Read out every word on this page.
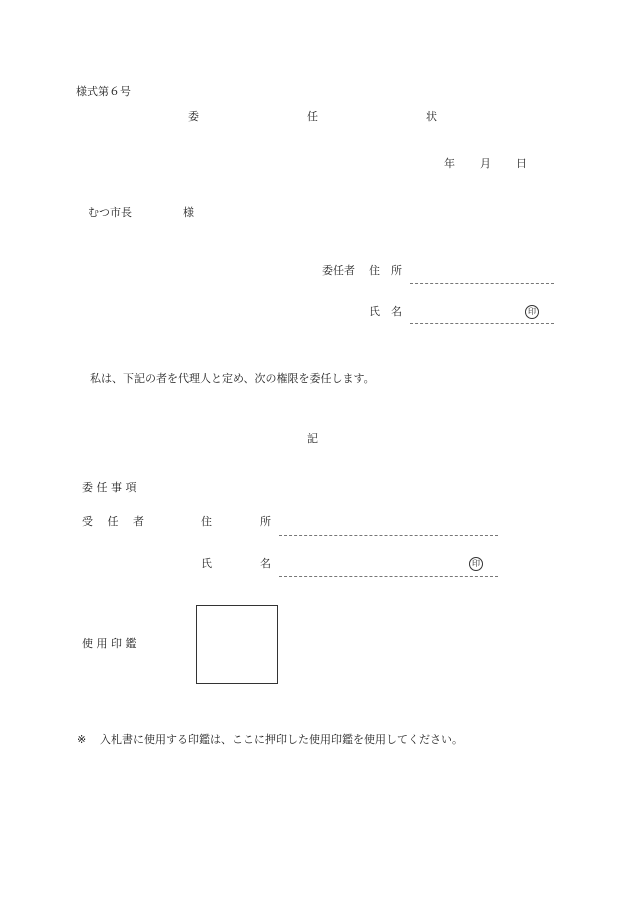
様式第６号
委	任	状
年 月 日
むつ市長	様
委任者 住　所
氏　名	印
私は、下記の者を代理人と定め、次の権限を委任します。
記
委 任 事 項
受　 任　 者	住	所
氏	名	印
使 用 印 鑑
※ 入札書に使用する印鑑は、ここに押印した使用印鑑を使用してください。
